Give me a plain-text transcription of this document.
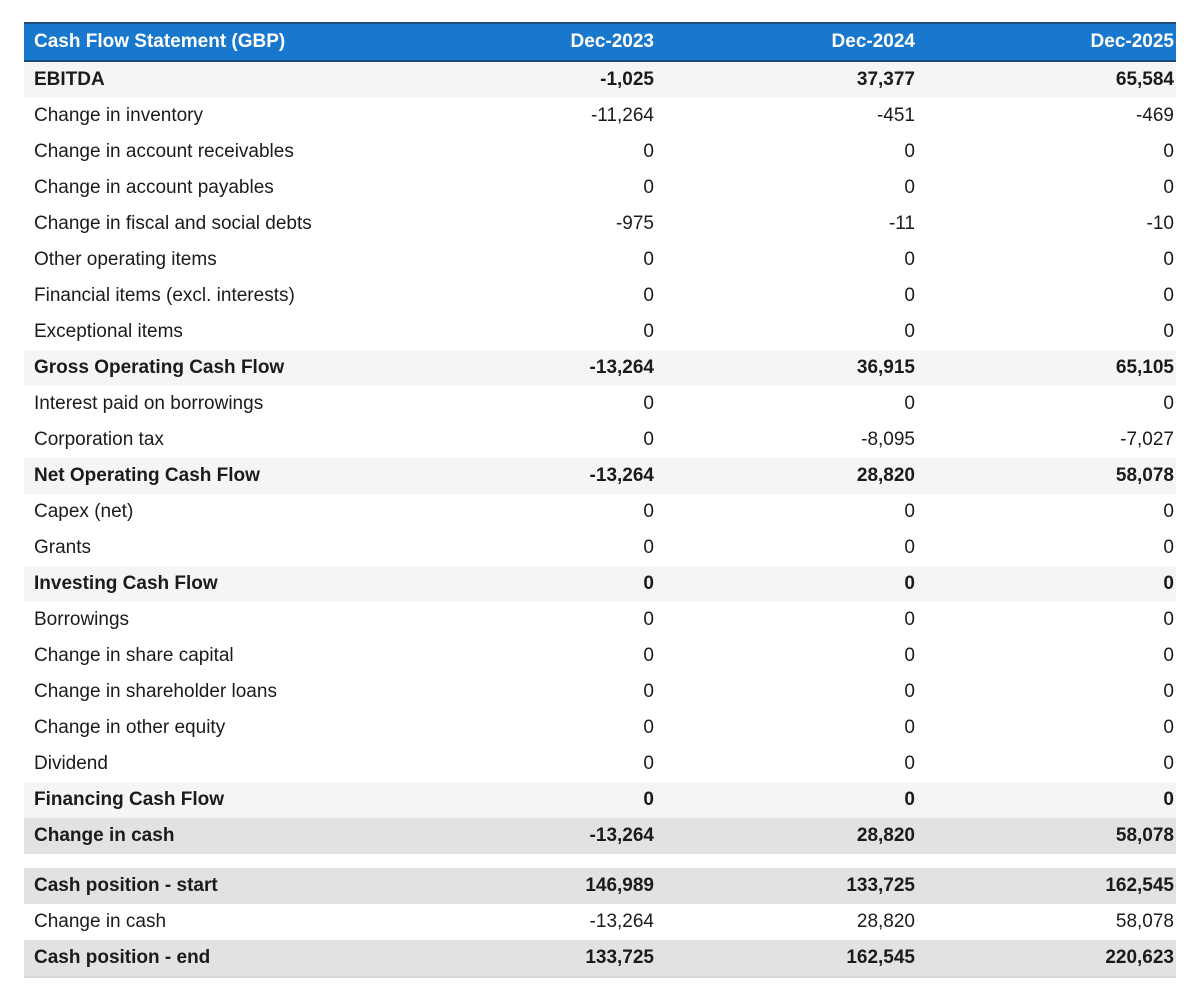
Cash Flow Statement (GBP)	Dec-2023	Dec-2024	Dec-2025
EBITDA	-1,025	37,377	65,584
Change in inventory	-11,264	-451	-469
Change in account receivables	0	0	0
Change in account payables	0	0	0
Change in fiscal and social debts	-975	-11	-10
Other operating items	0	0	0
Financial items (excl. interests)	0	0	0
Exceptional items	0	0	0
Gross Operating Cash Flow	-13,264	36,915	65,105
Interest paid on borrowings	0	0	0
Corporation tax	0	-8,095	-7,027
Net Operating Cash Flow	-13,264	28,820	58,078
Capex (net)	0	0	0
Grants	0	0	0
Investing Cash Flow	0	0	0
Borrowings	0	0	0
Change in share capital	0	0	0
Change in shareholder loans	0	0	0
Change in other equity	0	0	0
Dividend	0	0	0
Financing Cash Flow	0	0	0
Change in cash	-13,264	28,820	58,078

Cash position - start	146,989	133,725	162,545
Change in cash	-13,264	28,820	58,078
Cash position - end	133,725	162,545	220,623
